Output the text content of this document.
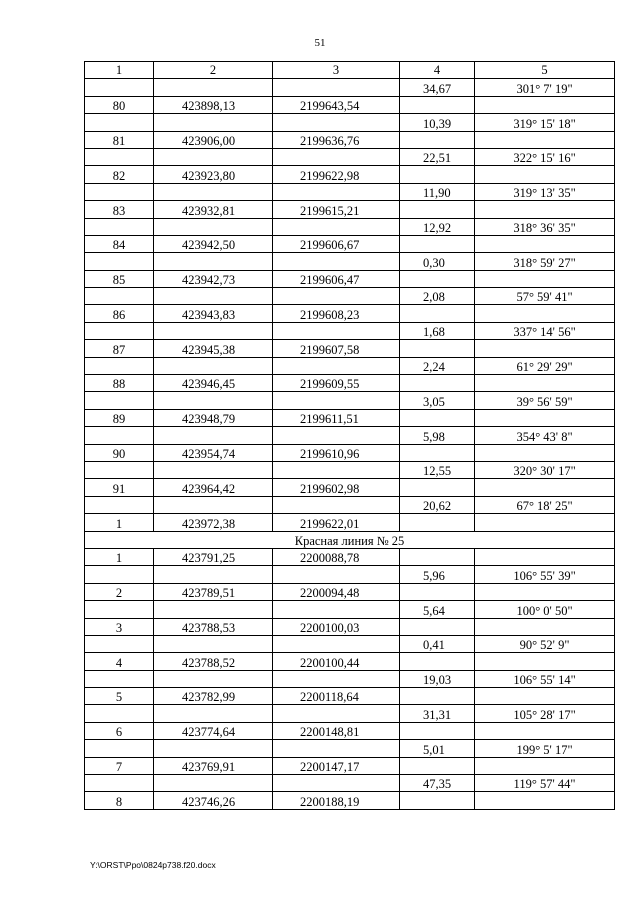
51
1	2	3	4	5
			34,67	301° 7' 19"
80	423898,13	2199643,54		
			10,39	319° 15' 18"
81	423906,00	2199636,76		
			22,51	322° 15' 16"
82	423923,80	2199622,98		
			11,90	319° 13' 35"
83	423932,81	2199615,21		
			12,92	318° 36' 35"
84	423942,50	2199606,67		
			0,30	318° 59' 27"
85	423942,73	2199606,47		
			2,08	57° 59' 41"
86	423943,83	2199608,23		
			1,68	337° 14' 56"
87	423945,38	2199607,58		
			2,24	61° 29' 29"
88	423946,45	2199609,55		
			3,05	39° 56' 59"
89	423948,79	2199611,51		
			5,98	354° 43' 8"
90	423954,74	2199610,96		
			12,55	320° 30' 17"
91	423964,42	2199602,98		
			20,62	67° 18' 25"
1	423972,38	2199622,01		
Красная линия № 25				
1	423791,25	2200088,78		
			5,96	106° 55' 39"
2	423789,51	2200094,48		
			5,64	100° 0' 50"
3	423788,53	2200100,03		
			0,41	90° 52' 9"
4	423788,52	2200100,44		
			19,03	106° 55' 14"
5	423782,99	2200118,64		
			31,31	105° 28' 17"
6	423774,64	2200148,81		
			5,01	199° 5' 17"
7	423769,91	2200147,17		
			47,35	119° 57' 44"
8	423746,26	2200188,19		
Y:\ORST\Ppo\0824p738.f20.docx
